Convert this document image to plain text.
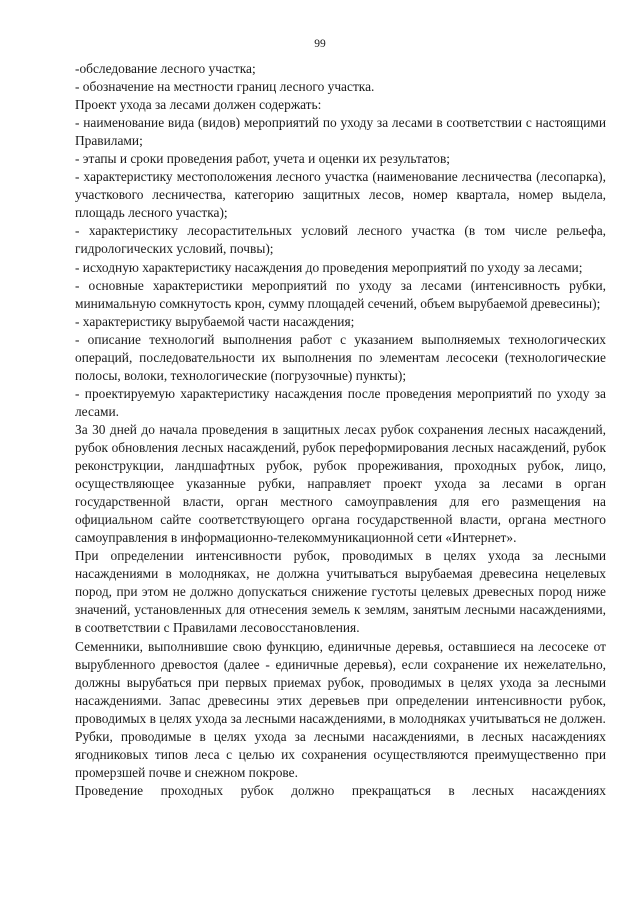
99

-обследование лесного участка;

- обозначение на местности границ лесного участка.

Проект ухода за лесами должен содержать:

- наименование вида (видов) мероприятий по уходу за лесами в соответствии с настоящими Правилами;

- этапы и сроки проведения работ, учета и оценки их результатов;

- характеристику местоположения лесного участка (наименование лесничества (лесопарка), участкового лесничества, категорию защитных лесов, номер квартала, номер выдела, площадь лесного участка);

- характеристику лесорастительных условий лесного участка (в том числе рельефа, гидрологических условий, почвы);

- исходную характеристику насаждения до проведения мероприятий по уходу за лесами;

- основные характеристики мероприятий по уходу за лесами (интенсивность рубки, минимальную сомкнутость крон, сумму площадей сечений, объем вырубаемой древесины);

- характеристику вырубаемой части насаждения;

- описание технологий выполнения работ с указанием выполняемых технологических операций, последовательности их выполнения по элементам лесосеки (технологические полосы, волоки, технологические (погрузочные) пункты);

- проектируемую характеристику насаждения после проведения мероприятий по уходу за лесами.

За 30 дней до начала проведения в защитных лесах рубок сохранения лесных насаждений, рубок обновления лесных насаждений, рубок переформирования лесных насаждений, рубок реконструкции, ландшафтных рубок, рубок прореживания, проходных рубок, лицо, осуществляющее указанные рубки, направляет проект ухода за лесами в орган государственной власти, орган местного самоуправления для его размещения на официальном сайте соответствующего органа государственной власти, органа местного самоуправления в информационно-телекоммуникационной сети «Интернет».

При определении интенсивности рубок, проводимых в целях ухода за лесными насаждениями в молодняках, не должна учитываться вырубаемая древесина нецелевых пород, при этом не должно допускаться снижение густоты целевых древесных пород ниже значений, установленных для отнесения земель к землям, занятым лесными насаждениями, в соответствии с Правилами лесовосстановления.

Семенники, выполнившие свою функцию, единичные деревья, оставшиеся на лесосеке от вырубленного древостоя (далее - единичные деревья), если сохранение их нежелательно, должны вырубаться при первых приемах рубок, проводимых в целях ухода за лесными насаждениями. Запас древесины этих деревьев при определении интенсивности рубок, проводимых в целях ухода за лесными насаждениями, в молодняках учитываться не должен.

Рубки, проводимые в целях ухода за лесными насаждениями, в лесных насаждениях ягодниковых типов леса с целью их сохранения осуществляются преимущественно при промерзшей почве и снежном покрове.

Проведение проходных рубок должно прекращаться в лесных насаждениях
